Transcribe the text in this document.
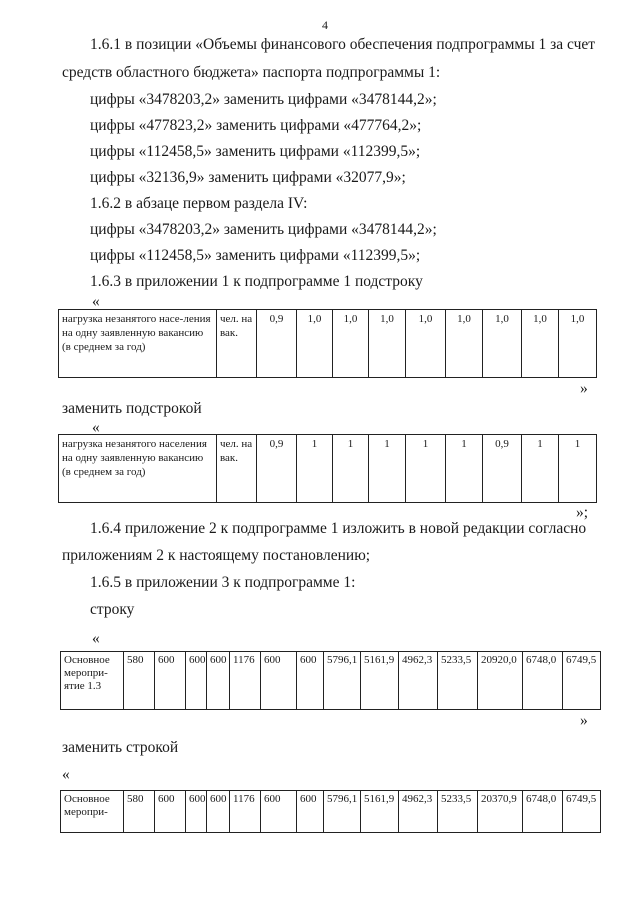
4
1.6.1 в позиции «Объемы финансового обеспечения подпрограммы 1 за счет
средств областного бюджета» паспорта подпрограммы 1:
цифры «3478203,2» заменить цифрами «3478144,2»;
цифры «477823,2» заменить цифрами «477764,2»;
цифры «112458,5» заменить цифрами «112399,5»;
цифры «32136,9» заменить цифрами «32077,9»;
1.6.2 в абзаце первом раздела IV:
цифры «3478203,2» заменить цифрами «3478144,2»;
цифры «112458,5» заменить цифрами «112399,5»;
1.6.3 в приложении 1 к подпрограмме 1 подстроку
«
нагрузка незанятого насе-ления на одну заявленную вакансию (в среднем за год)	чел. на вак.	0,9	1,0	1,0	1,0	1,0	1,0	1,0	1,0	1,0
»
заменить подстрокой
«
нагрузка незанятого населения на одну заявленную вакансию (в среднем за год)	чел. на вак.	0,9	1	1	1	1	1	0,9	1	1
»;
1.6.4 приложение 2 к подпрограмме 1 изложить в новой редакции согласно
приложениям 2 к настоящему постановлению;
1.6.5 в приложении 3 к подпрограмме 1:
строку
«
Основное меропри-ятие 1.3	580	600	600	600	1176	600	600	5796,1	5161,9	4962,3	5233,5	20920,0	6748,0	6749,5
»
заменить строкой
«
Основное меропри-	580	600	600	600	1176	600	600	5796,1	5161,9	4962,3	5233,5	20370,9	6748,0	6749,5
